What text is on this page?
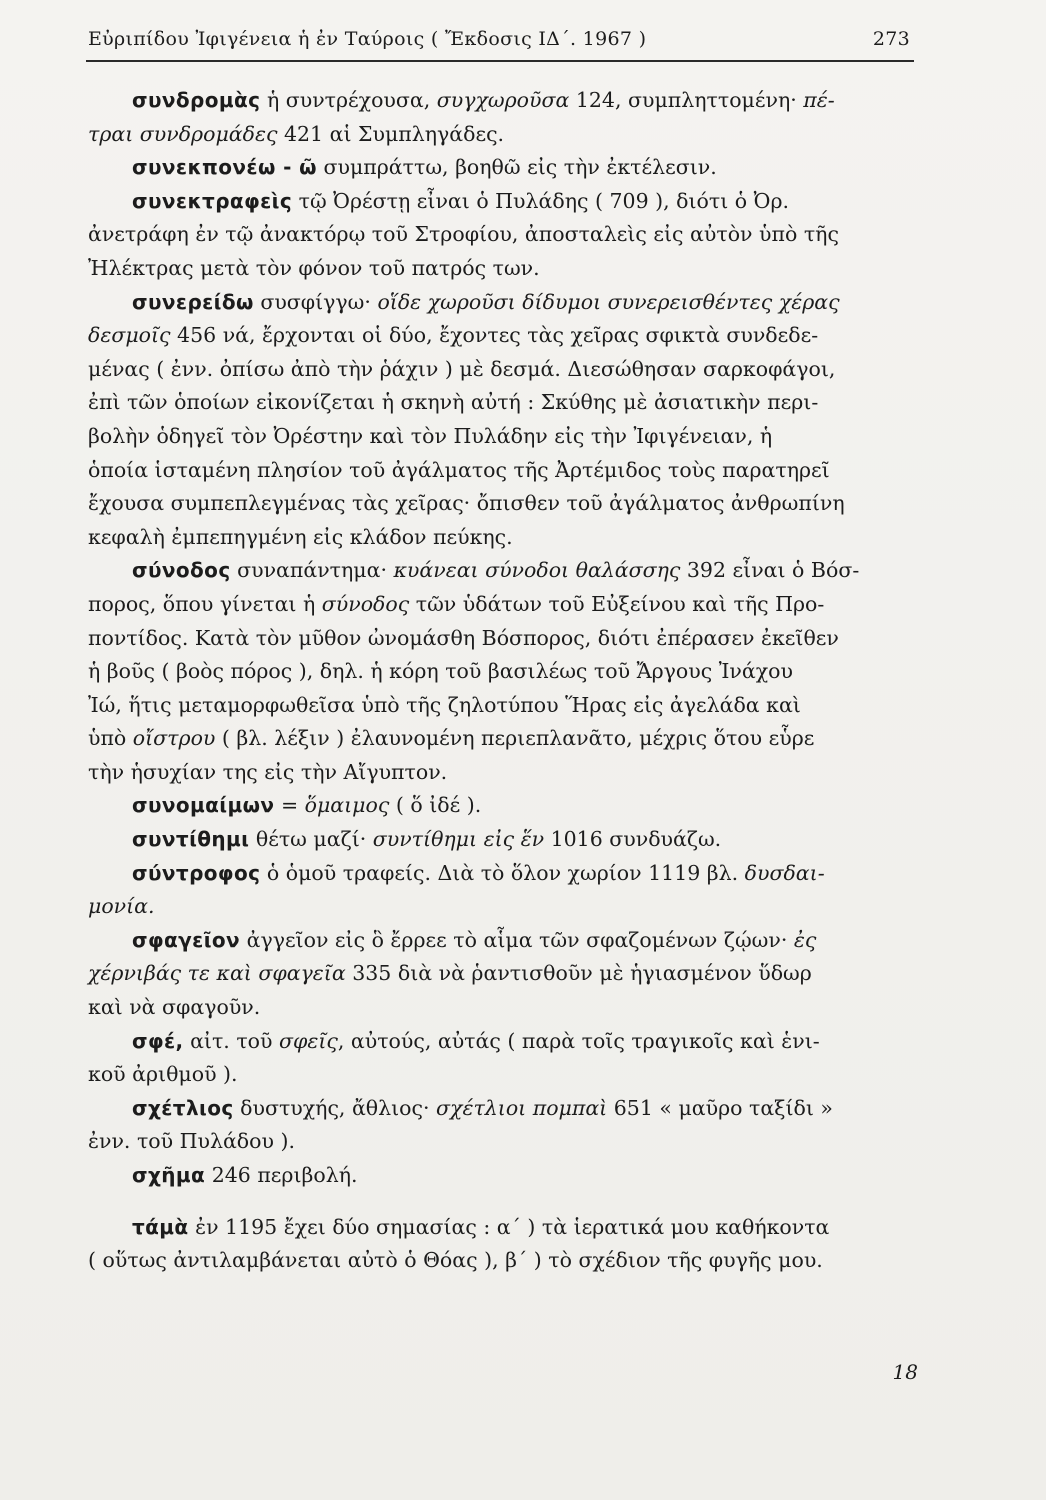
Εὐριπίδου Ἰφιγένεια ἡ ἐν Ταύροις ( Ἔκδοσις ΙΔ΄. 1967 )	273
συνδρομὰς ἡ συντρέχουσα, συγχωροῦσα 124, συμπληττομένη· πέ-
τραι συνδρομάδες 421 αἱ Συμπληγάδες.
συνεκπονέω - ῶ συμπράττω, βοηθῶ εἰς τὴν ἐκτέλεσιν.
συνεκτραφεὶς τῷ Ὀρέστῃ εἶναι ὁ Πυλάδης ( 709 ), διότι ὁ Ὀρ.
ἀνετράφη ἐν τῷ ἀνακτόρῳ τοῦ Στροφίου, ἀποσταλεὶς εἰς αὐτὸν ὑπὸ τῆς
Ἠλέκτρας μετὰ τὸν φόνον τοῦ πατρός των.
συνερείδω συσφίγγω· οἵδε χωροῦσι δίδυμοι συνερεισθέντες χέρας
δεσμοῖς 456 νά, ἔρχονται οἱ δύο, ἔχοντες τὰς χεῖρας σφικτὰ συνδεδε-
μένας ( ἐνν. ὀπίσω ἀπὸ τὴν ῥάχιν ) μὲ δεσμά. Διεσώθησαν σαρκοφάγοι,
ἐπὶ τῶν ὁποίων εἰκονίζεται ἡ σκηνὴ αὐτή : Σκύθης μὲ ἀσιατικὴν περι-
βολὴν ὁδηγεῖ τὸν Ὀρέστην καὶ τὸν Πυλάδην εἰς τὴν Ἰφιγένειαν, ἡ
ὁποία ἱσταμένη πλησίον τοῦ ἀγάλματος τῆς Ἀρτέμιδος τοὺς παρατηρεῖ
ἔχουσα συμπεπλεγμένας τὰς χεῖρας· ὄπισθεν τοῦ ἀγάλματος ἀνθρωπίνη
κεφαλὴ ἐμπεπηγμένη εἰς κλάδον πεύκης.
σύνοδος συναπάντημα· κυάνεαι σύνοδοι θαλάσσης 392 εἶναι ὁ Βόσ-
πορος, ὅπου γίνεται ἡ σύνοδος τῶν ὑδάτων τοῦ Εὐξείνου καὶ τῆς Προ-
ποντίδος. Κατὰ τὸν μῦθον ὠνομάσθη Βόσπορος, διότι ἐπέρασεν ἐκεῖθεν
ἡ βοῦς ( βοὸς πόρος ), δηλ. ἡ κόρη τοῦ βασιλέως τοῦ Ἄργους Ἰνάχου
Ἰώ, ἥτις μεταμορφωθεῖσα ὑπὸ τῆς ζηλοτύπου Ἥρας εἰς ἀγελάδα καὶ
ὑπὸ οἴστρου ( βλ. λέξιν ) ἐλαυνομένη περιεπλανᾶτο, μέχρις ὅτου εὗρε
τὴν ἡσυχίαν της εἰς τὴν Αἴγυπτον.
συνομαίμων = ὅμαιμος ( ὅ ἰδέ ).
συντίθημι θέτω μαζί· συντίθημι εἰς ἕν 1016 συνδυάζω.
σύντροφος ὁ ὁμοῦ τραφείς. Διὰ τὸ ὅλον χωρίον 1119 βλ. δυσδαι-
μονία.
σφαγεῖον ἀγγεῖον εἰς ὃ ἔρρεε τὸ αἷμα τῶν σφαζομένων ζῴων· ἐς
χέρνιβάς τε καὶ σφαγεῖα 335 διὰ νὰ ῥαντισθοῦν μὲ ἡγιασμένον ὕδωρ
καὶ νὰ σφαγοῦν.
σφέ, αἰτ. τοῦ σφεῖς, αὐτούς, αὐτάς ( παρὰ τοῖς τραγικοῖς καὶ ἑνι-
κοῦ ἀριθμοῦ ).
σχέτλιος δυστυχής, ἄθλιος· σχέτλιοι πομπαὶ 651 « μαῦρο ταξίδι »
ἐνν. τοῦ Πυλάδου ).
σχῆμα 246 περιβολή.
τάμὰ ἐν 1195 ἔχει δύο σημασίας : α΄ ) τὰ ἱερατικά μου καθήκοντα
( οὕτως ἀντιλαμβάνεται αὐτὸ ὁ Θόας ), β΄ ) τὸ σχέδιον τῆς φυγῆς μου.
18
